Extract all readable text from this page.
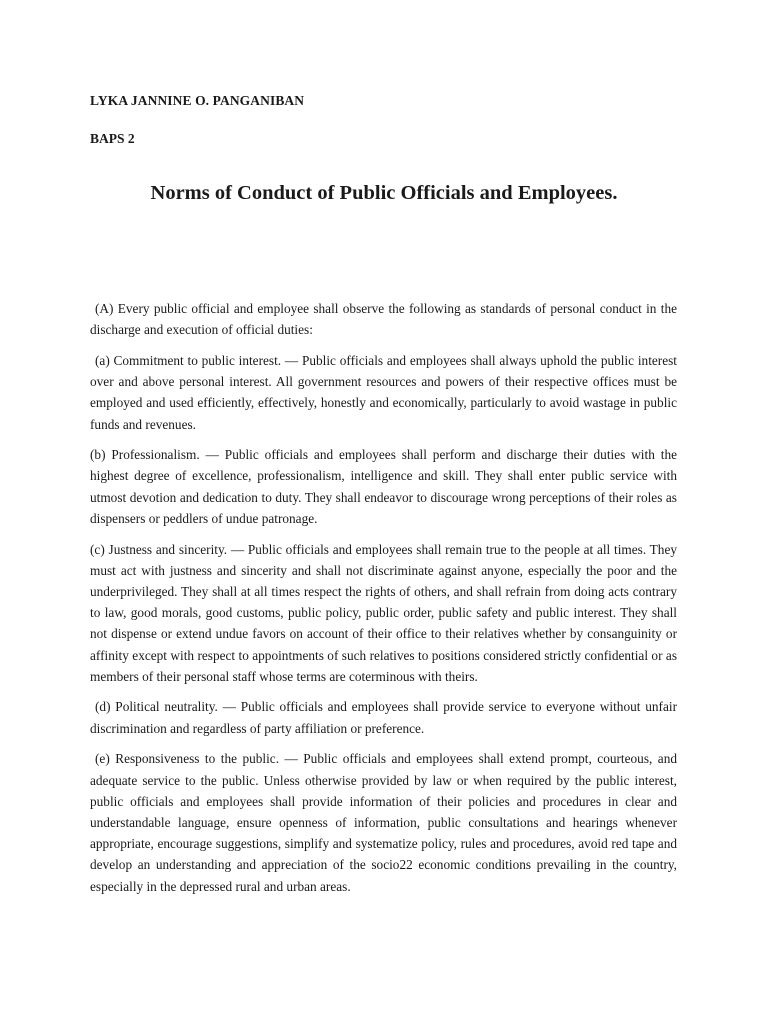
LYKA JANNINE O. PANGANIBAN
BAPS 2
Norms of Conduct of Public Officials and Employees.

(A) Every public official and employee shall observe the following as standards of personal conduct in the discharge and execution of official duties:

(a) Commitment to public interest. — Public officials and employees shall always uphold the public interest over and above personal interest. All government resources and powers of their respective offices must be employed and used efficiently, effectively, honestly and economically, particularly to avoid wastage in public funds and revenues.

(b) Professionalism. — Public officials and employees shall perform and discharge their duties with the highest degree of excellence, professionalism, intelligence and skill. They shall enter public service with utmost devotion and dedication to duty. They shall endeavor to discourage wrong perceptions of their roles as dispensers or peddlers of undue patronage.

(c) Justness and sincerity. — Public officials and employees shall remain true to the people at all times. They must act with justness and sincerity and shall not discriminate against anyone, especially the poor and the underprivileged. They shall at all times respect the rights of others, and shall refrain from doing acts contrary to law, good morals, good customs, public policy, public order, public safety and public interest. They shall not dispense or extend undue favors on account of their office to their relatives whether by consanguinity or affinity except with respect to appointments of such relatives to positions considered strictly confidential or as members of their personal staff whose terms are coterminous with theirs.

(d) Political neutrality. — Public officials and employees shall provide service to everyone without unfair discrimination and regardless of party affiliation or preference.

(e) Responsiveness to the public. — Public officials and employees shall extend prompt, courteous, and adequate service to the public. Unless otherwise provided by law or when required by the public interest, public officials and employees shall provide information of their policies and procedures in clear and understandable language, ensure openness of information, public consultations and hearings whenever appropriate, encourage suggestions, simplify and systematize policy, rules and procedures, avoid red tape and develop an understanding and appreciation of the socio22 economic conditions prevailing in the country, especially in the depressed rural and urban areas.
